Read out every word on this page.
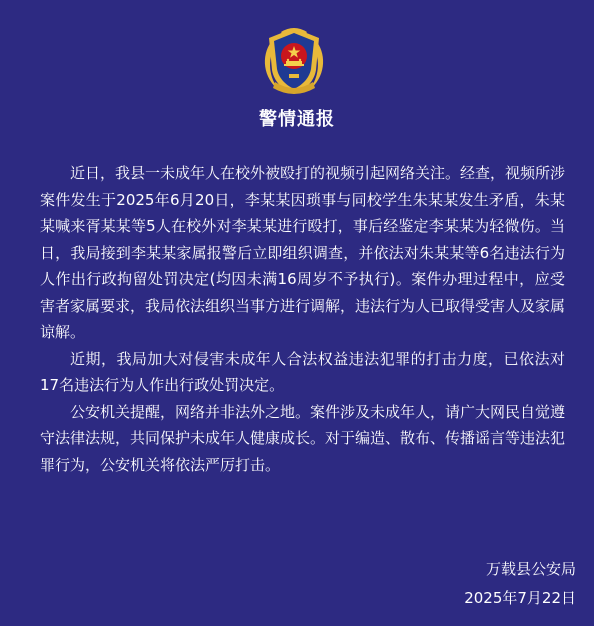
警情通报

近日，我县一未成年人在校外被殴打的视频引起网络关注。经查，视频所涉案件发生于2025年6月20日，李某某因琐事与同校学生朱某某发生矛盾，朱某某喊来胥某某等5人在校外对李某某进行殴打，事后经鉴定李某某为轻微伤。当日，我局接到李某某家属报警后立即组织调查，并依法对朱某某等6名违法行为人作出行政拘留处罚决定(均因未满16周岁不予执行)。案件办理过程中，应受害者家属要求，我局依法组织当事方进行调解，违法行为人已取得受害人及家属谅解。

近期，我局加大对侵害未成年人合法权益违法犯罪的打击力度，已依法对17名违法行为人作出行政处罚决定。

公安机关提醒，网络并非法外之地。案件涉及未成年人，请广大网民自觉遵守法律法规，共同保护未成年人健康成长。对于编造、散布、传播谣言等违法犯罪行为，公安机关将依法严厉打击。

万载县公安局
2025年7月22日
